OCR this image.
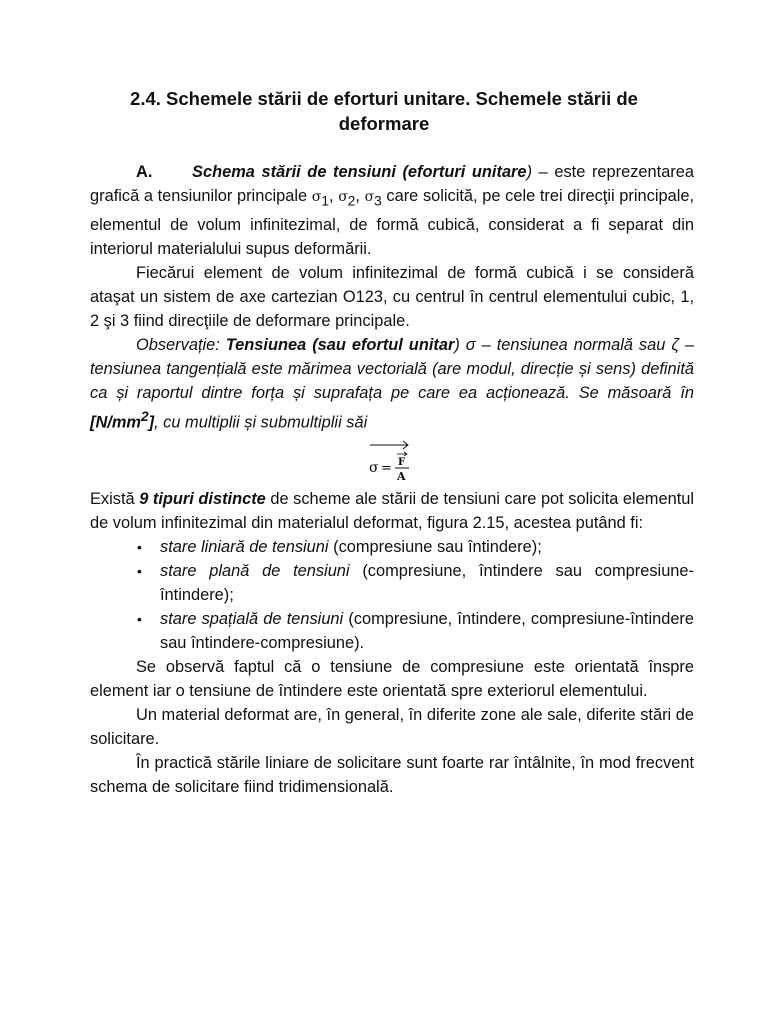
2.4. Schemele stării de eforturi unitare. Schemele stării de
deformare

A. Schema stării de tensiuni (eforturi unitare) – este reprezentarea grafică a tensiunilor principale $\sigma_1$, $\sigma_2$, $\sigma_3$ care solicită, pe cele trei direcţii principale, elementul de volum infinitezimal, de formă cubică, considerat a fi separat din interiorul materialului supus deformării.

Fiecărui element de volum infinitezimal de formă cubică i se consideră ataşat un sistem de axe cartezian O123, cu centrul în centrul elementului cubic, 1, 2 şi 3 fiind direcţiile de deformare principale.

Observație: Tensiunea (sau efortul unitar) σ – tensiunea normală sau ζ – tensiunea tangențială este mărimea vectorială (are modul, direcție și sens) definită ca și raportul dintre forța și suprafața pe care ea acționează. Se măsoară în $[N/mm^2]$, cu multiplii și submultiplii săi

σ = F
A

Există 9 tipuri distincte de scheme ale stării de tensiuni care pot solicita elementul de volum infinitezimal din materialul deformat, figura 2.15, acestea putând fi:

•	stare liniară de tensiuni (compresiune sau întindere);
•	stare plană de tensiuni (compresiune, întindere sau compresiune-întindere);
•	stare spațială de tensiuni (compresiune, întindere, compresiune-întindere sau întindere-compresiune).

Se observă faptul că o tensiune de compresiune este orientată înspre element iar o tensiune de întindere este orientată spre exteriorul elementului.

Un material deformat are, în general, în diferite zone ale sale, diferite stări de solicitare.

În practică stările liniare de solicitare sunt foarte rar întâlnite, în mod frecvent schema de solicitare fiind tridimensională.
